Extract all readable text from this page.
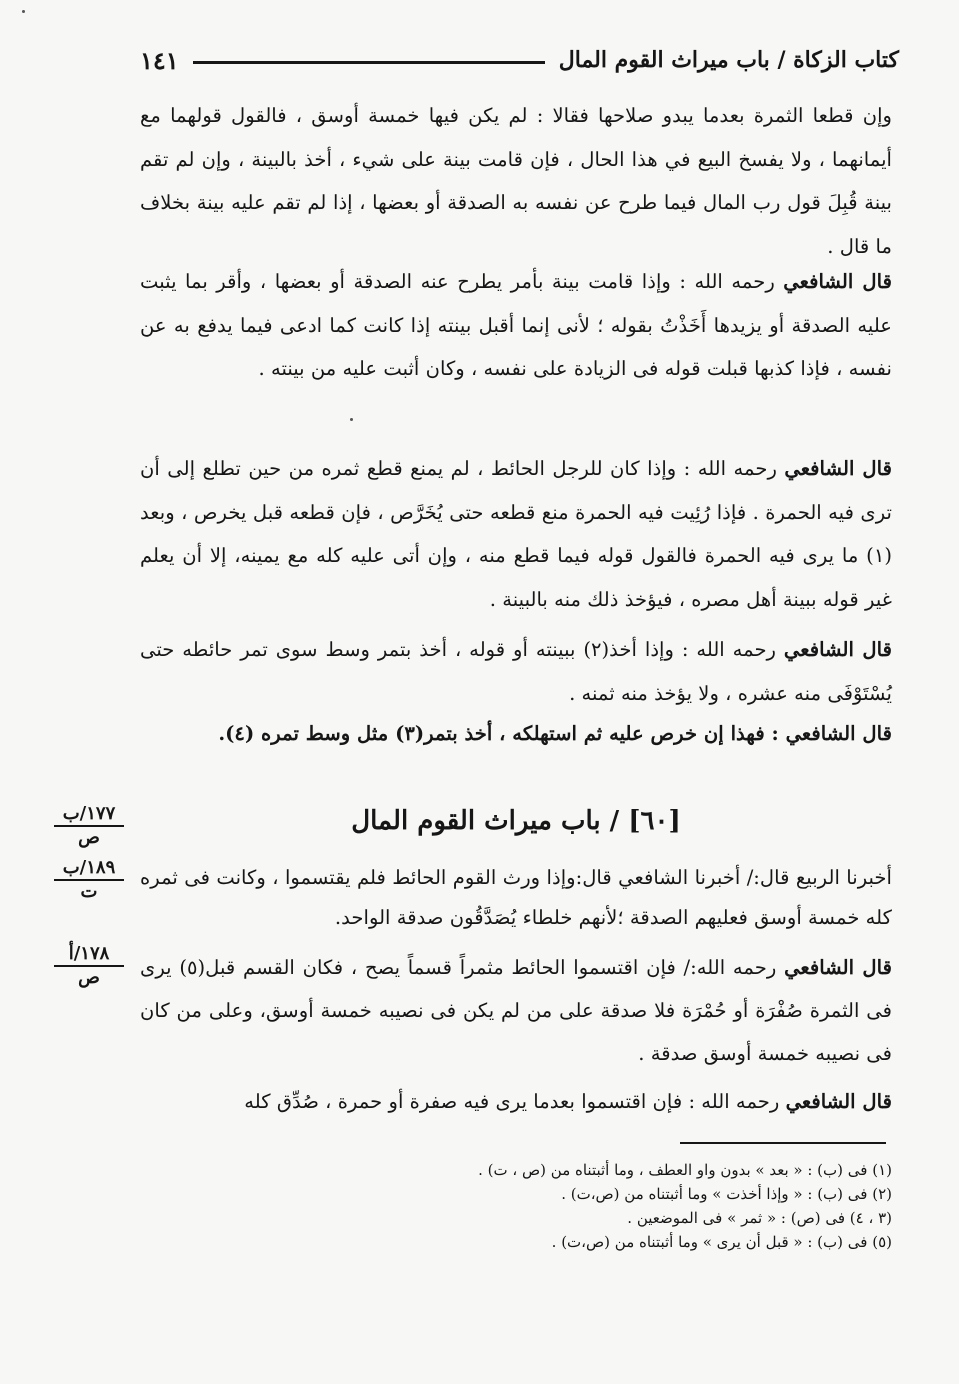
كتاب الزكاة / باب ميراث القوم المال
١٤١

وإن قطعا الثمرة بعدما يبدو صلاحها فقالا : لم يكن فيها خمسة أوسق ، فالقول قولهما مع أيمانهما ، ولا يفسخ البيع في هذا الحال ، فإن قامت بينة على شيء ، أخذ بالبينة ، وإن لم تقم بينة قُبِلَ قول رب المال فيما طرح عن نفسه به الصدقة أو بعضها ، إذا لم تقم عليه بينة بخلاف ما قال .

قال الشافعي رحمه الله : وإذا قامت بينة بأمر يطرح عنه الصدقة أو بعضها ، وأقر بما يثبت عليه الصدقة أو يزيدها أَخَذْتُ بقوله ؛ لأنى إنما أقبل بينته إذا كانت كما ادعى فيما يدفع به عن نفسه ، فإذا كذبها قبلت قوله فى الزيادة على نفسه ، وكان أثبت عليه من بينته .

قال الشافعي رحمه الله : وإذا كان للرجل الحائط ، لم يمنع قطع ثمره من حين تطلع إلى أن ترى فيه الحمرة . فإذا رُئِيت فيه الحمرة منع قطعه حتى يُخَرَّص ، فإن قطعه قبل يخرص ، وبعد (١) ما يرى فيه الحمرة فالقول قوله فيما قطع منه ، وإن أتى عليه كله مع يمينه، إلا أن يعلم غير قوله ببينة أهل مصره ، فيؤخذ ذلك منه بالبينة .

قال الشافعي رحمه الله : وإذا أخذ(٢) ببينته أو قوله ، أخذ بتمر وسط سوى تمر حائطه حتى يُسْتَوْفَى منه عشره ، ولا يؤخذ منه ثمنه .

قال الشافعي : فهذا إن خرص عليه ثم استهلكه ، أخذ بتمر(٣) مثل وسط تمره (٤).

[٦٠] / باب ميراث القوم المال
١٧٧/ب
ص
١٨٩/ب
ت
١٧٨/أ
ص

أخبرنا الربيع قال:/ أخبرنا الشافعي قال:وإذا ورث القوم الحائط فلم يقتسموا ، وكانت فى ثمره كله خمسة أوسق فعليهم الصدقة ؛لأنهم خلطاء يُصَدَّقُون صدقة الواحد.

قال الشافعي رحمه الله:/ فإن اقتسموا الحائط مثمراً قسماً يصح ، فكان القسم قبل(٥) يرى فى الثمرة صُفْرَة أو حُمْرَة فلا صدقة على من لم يكن فى نصيبه خمسة أوسق، وعلى من كان فى نصيبه خمسة أوسق صدقة .

قال الشافعي رحمه الله : فإن اقتسموا بعدما يرى فيه صفرة أو حمرة ، صُدِّق كله

(١) فى (ب) : « بعد » بدون واو العطف ، وما أثبتناه من (ص ، ت) .

(٢) فى (ب) : « وإذا أخذت » وما أثبتناه من (ص،ت) .

(٣ ، ٤) فى (ص) : « ثمر » فى الموضعين .

(٥) فى (ب) : « قبل أن يرى » وما أثبتناه من (ص،ت) .
